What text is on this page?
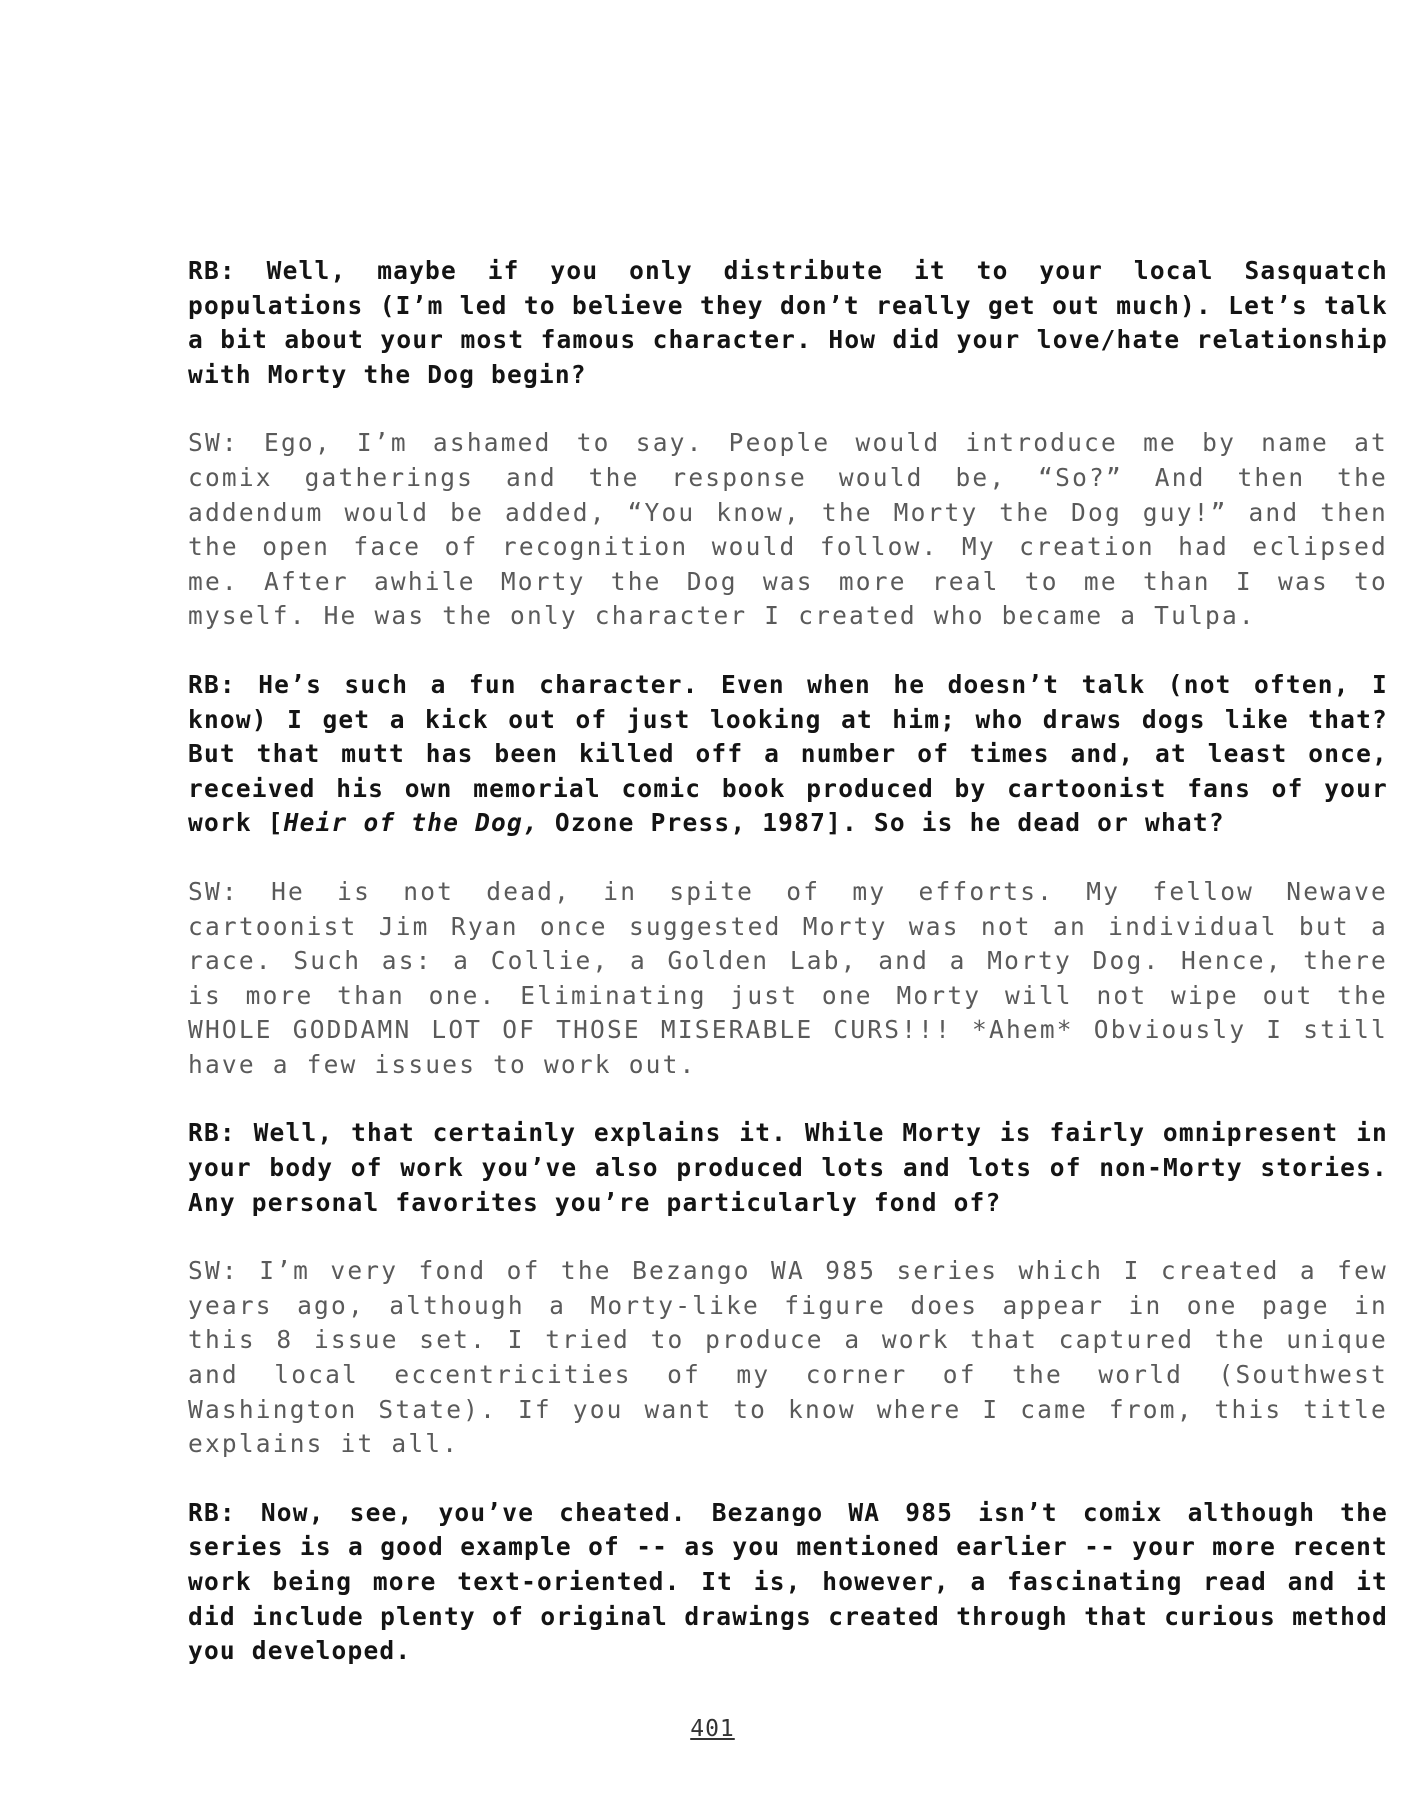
RB: Well, maybe if you only distribute it to your local Sasquatch populations (I’m led to believe they don’t really get out much). Let’s talk a bit about your most famous character. How did your love/hate relationship with Morty the Dog begin?

SW: Ego, I’m ashamed to say. People would introduce me by name at comix gatherings and the response would be, “So?” And then the addendum would be added, “You know, the Morty the Dog guy!” and then the open face of recognition would follow. My creation had eclipsed me. After awhile Morty the Dog was more real to me than I was to myself. He was the only character I created who became a Tulpa.

RB: He’s such a fun character. Even when he doesn’t talk (not often, I know) I get a kick out of just looking at him; who draws dogs like that? But that mutt has been killed off a number of times and, at least once, received his own memorial comic book produced by cartoonist fans of your work [Heir of the Dog, Ozone Press, 1987]. So is he dead or what?

SW: He is not dead, in spite of my efforts. My fellow Newave cartoonist Jim Ryan once suggested Morty was not an individual but a race. Such as: a Collie, a Golden Lab, and a Morty Dog. Hence, there is more than one. Eliminating just one Morty will not wipe out the WHOLE GODDAMN LOT OF THOSE MISERABLE CURS!!! *Ahem* Obviously I still have a few issues to work out.

RB: Well, that certainly explains it. While Morty is fairly omnipresent in your body of work you’ve also produced lots and lots of non-Morty stories. Any personal favorites you’re particularly fond of?

SW: I’m very fond of the Bezango WA 985 series which I created a few years ago, although a Morty-like figure does appear in one page in this 8 issue set. I tried to produce a work that captured the unique and local eccentricities of my corner of the world (Southwest Washington State). If you want to know where I came from, this title explains it all.

RB: Now, see, you’ve cheated. Bezango WA 985 isn’t comix although the series is a good example of -- as you mentioned earlier -- your more recent work being more text-oriented. It is, however, a fascinating read and it did include plenty of original drawings created through that curious method you developed.

401
